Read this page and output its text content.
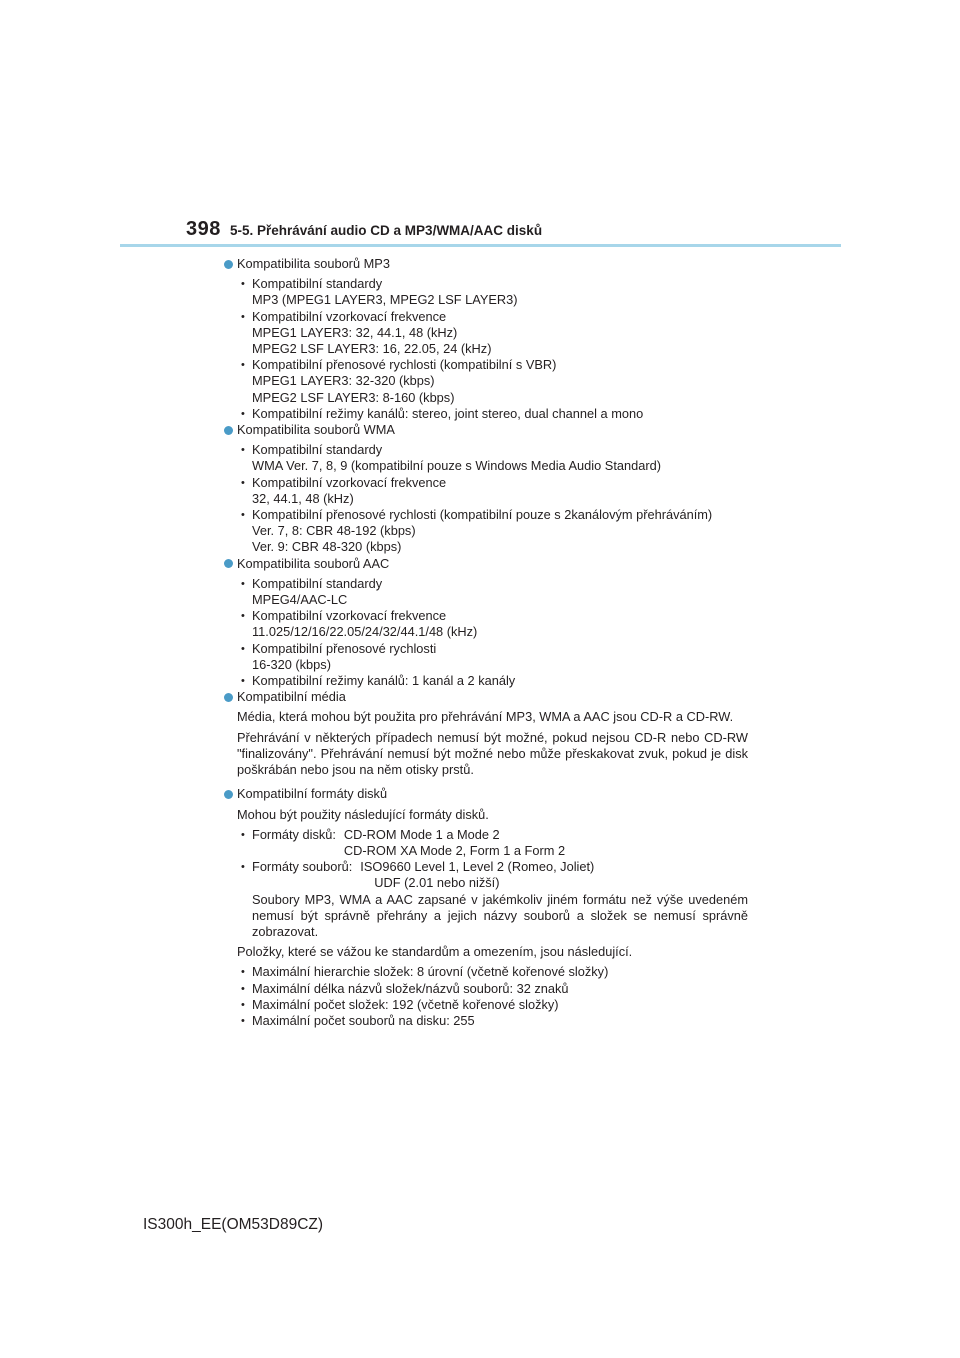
398 5-5. Přehrávání audio CD a MP3/WMA/AAC disků
Kompatibilita souborů MP3
• Kompatibilní standardy
MP3 (MPEG1 LAYER3, MPEG2 LSF LAYER3)
• Kompatibilní vzorkovací frekvence
MPEG1 LAYER3: 32, 44.1, 48 (kHz)
MPEG2 LSF LAYER3: 16, 22.05, 24 (kHz)
• Kompatibilní přenosové rychlosti (kompatibilní s VBR)
MPEG1 LAYER3: 32-320 (kbps)
MPEG2 LSF LAYER3: 8-160 (kbps)
• Kompatibilní režimy kanálů: stereo, joint stereo, dual channel a mono
Kompatibilita souborů WMA
• Kompatibilní standardy
WMA Ver. 7, 8, 9 (kompatibilní pouze s Windows Media Audio Standard)
• Kompatibilní vzorkovací frekvence
32, 44.1, 48 (kHz)
• Kompatibilní přenosové rychlosti (kompatibilní pouze s 2kanálovým přehráváním)
Ver. 7, 8: CBR 48-192 (kbps)
Ver. 9: CBR 48-320 (kbps)
Kompatibilita souborů AAC
• Kompatibilní standardy
MPEG4/AAC-LC
• Kompatibilní vzorkovací frekvence
11.025/12/16/22.05/24/32/44.1/48 (kHz)
• Kompatibilní přenosové rychlosti
16-320 (kbps)
• Kompatibilní režimy kanálů: 1 kanál a 2 kanály
Kompatibilní média

Média, která mohou být použita pro přehrávání MP3, WMA a AAC jsou CD-R a CD-RW.

Přehrávání v některých případech nemusí být možné, pokud nejsou CD-R nebo CD-RW "finalizovány". Přehrávání nemusí být možné nebo může přeskakovat zvuk, pokud je disk poškrábán nebo jsou na něm otisky prstů.

Kompatibilní formáty disků

Mohou být použity následující formáty disků.

• Formáty disků: CD-ROM Mode 1 a Mode 2
CD-ROM XA Mode 2, Form 1 a Form 2
• Formáty souborů: ISO9660 Level 1, Level 2 (Romeo, Joliet)
UDF (2.01 nebo nižší)
Soubory MP3, WMA a AAC zapsané v jakémkoliv jiném formátu než výše uvedeném nemusí být správně přehrány a jejich názvy souborů a složek se nemusí správně zobrazovat.

Položky, které se vážou ke standardům a omezením, jsou následující.

• Maximální hierarchie složek: 8 úrovní (včetně kořenové složky)
• Maximální délka názvů složek/názvů souborů: 32 znaků
• Maximální počet složek: 192 (včetně kořenové složky)
• Maximální počet souborů na disku: 255
IS300h_EE(OM53D89CZ)
